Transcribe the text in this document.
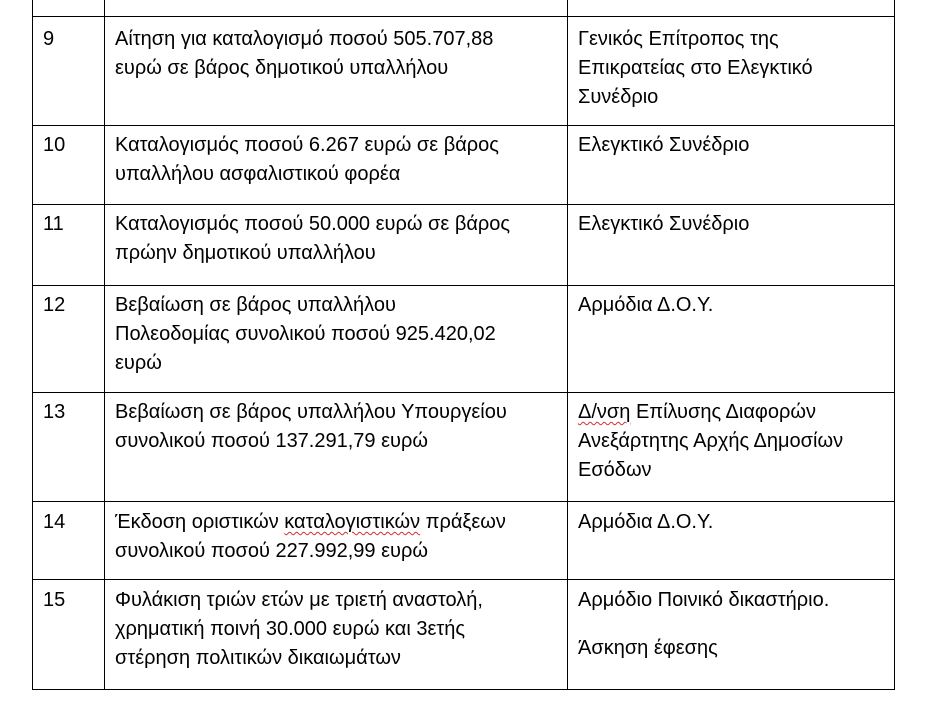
9	Αίτηση για καταλογισμό ποσού 505.707,88
ευρώ σε βάρος δημοτικού υπαλλήλου	Γενικός Επίτροπος της
Επικρατείας στο Ελεγκτικό
Συνέδριο

10	Καταλογισμός ποσού 6.267 ευρώ σε βάρος
υπαλλήλου ασφαλιστικού φορέα	Ελεγκτικό Συνέδριο

11	Καταλογισμός ποσού 50.000 ευρώ σε βάρος
πρώην δημοτικού υπαλλήλου	Ελεγκτικό Συνέδριο

12	Βεβαίωση σε βάρος υπαλλήλου
Πολεοδομίας συνολικού ποσού 925.420,02
ευρώ	Αρμόδια Δ.Ο.Υ.

13	Βεβαίωση σε βάρος υπαλλήλου Υπουργείου
συνολικού ποσού 137.291,79 ευρώ	Δ/νση Επίλυσης Διαφορών
Ανεξάρτητης Αρχής Δημοσίων
Εσόδων

14	Έκδοση οριστικών καταλογιστικών πράξεων
συνολικού ποσού 227.992,99 ευρώ	Αρμόδια Δ.Ο.Υ.

15	Φυλάκιση τριών ετών με τριετή αναστολή,
χρηματική ποινή 30.000 ευρώ και 3ετής
στέρηση πολιτικών δικαιωμάτων	Αρμόδιο Ποινικό δικαστήριο.
Άσκηση έφεσης
